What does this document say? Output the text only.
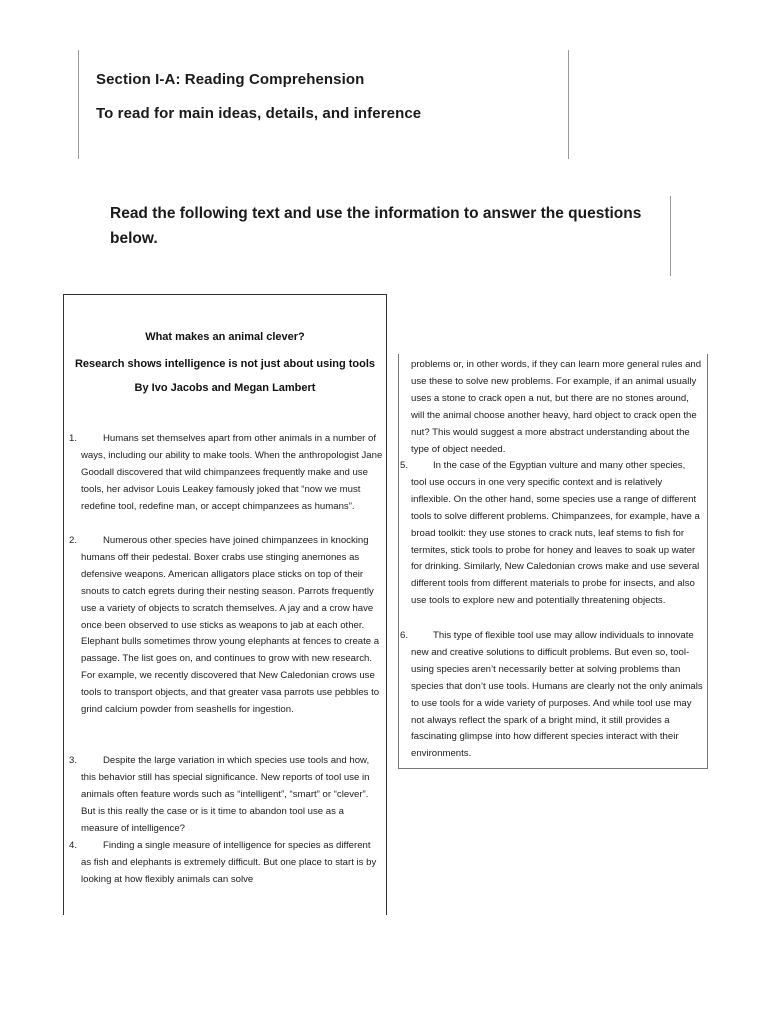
Section I-A: Reading Comprehension
To read for main ideas, details, and inference
Read the following text and use the information to answer the questions below.
What makes an animal clever?
Research shows intelligence is not just about using tools
By Ivo Jacobs and Megan Lambert
1.	Humans set themselves apart from other animals in a number of ways, including our ability to make tools. When the anthropologist Jane Goodall discovered that wild chimpanzees frequently make and use tools, her advisor Louis Leakey famously joked that “now we must redefine tool, redefine man, or accept chimpanzees as humans”.
2.	Numerous other species have joined chimpanzees in knocking humans off their pedestal. Boxer crabs use stinging anemones as defensive weapons. American alligators place sticks on top of their snouts to catch egrets during their nesting season. Parrots frequently use a variety of objects to scratch themselves. A jay and a crow have once been observed to use sticks as weapons to jab at each other. Elephant bulls sometimes throw young elephants at fences to create a passage. The list goes on, and continues to grow with new research. For example, we recently discovered that New Caledonian crows use tools to transport objects, and that greater vasa parrots use pebbles to grind calcium powder from seashells for ingestion.
3.	Despite the large variation in which species use tools and how, this behavior still has special significance. New reports of tool use in animals often feature words such as “intelligent”, “smart” or “clever”. But is this really the case or is it time to abandon tool use as a measure of intelligence?
4.	Finding a single measure of intelligence for species as different as fish and elephants is extremely difficult. But one place to start is by looking at how flexibly animals can solve
problems or, in other words, if they can learn more general rules and use these to solve new problems. For example, if an animal usually uses a stone to crack open a nut, but there are no stones around, will the animal choose another heavy, hard object to crack open the nut? This would suggest a more abstract understanding about the type of object needed.
5.	In the case of the Egyptian vulture and many other species, tool use occurs in one very specific context and is relatively inflexible. On the other hand, some species use a range of different tools to solve different problems. Chimpanzees, for example, have a broad toolkit: they use stones to crack nuts, leaf stems to fish for termites, stick tools to probe for honey and leaves to soak up water for drinking. Similarly, New Caledonian crows make and use several different tools from different materials to probe for insects, and also use tools to explore new and potentially threatening objects.
6.	This type of flexible tool use may allow individuals to innovate new and creative solutions to difficult problems. But even so, tool-using species aren’t necessarily better at solving problems than species that don’t use tools. Humans are clearly not the only animals to use tools for a wide variety of purposes. And while tool use may not always reflect the spark of a bright mind, it still provides a fascinating glimpse into how different species interact with their environments.
